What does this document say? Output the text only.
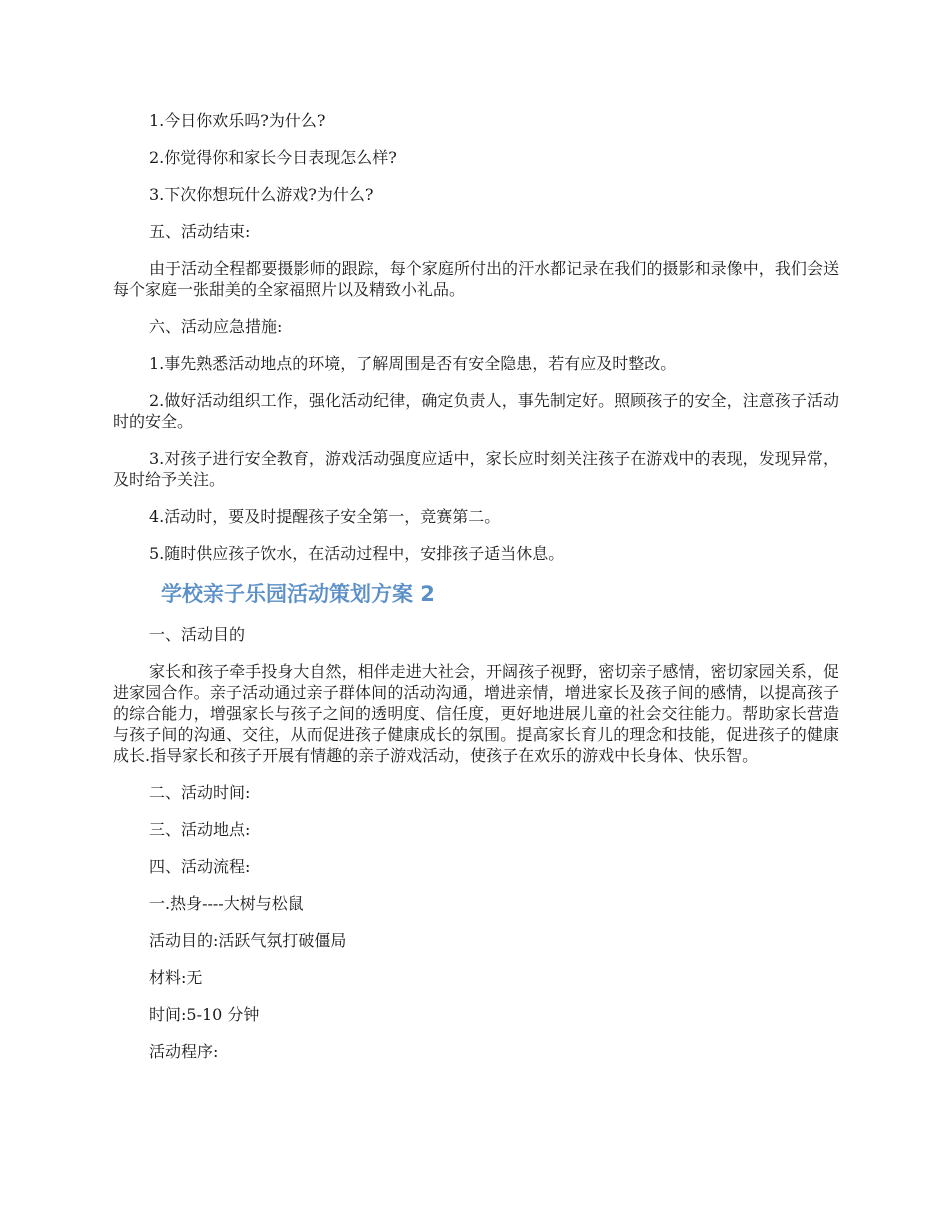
1.今日你欢乐吗?为什么?

2.你觉得你和家长今日表现怎么样?

3.下次你想玩什么游戏?为什么?

五、活动结束:

由于活动全程都要摄影师的跟踪，每个家庭所付出的汗水都记录在我们的摄影和录像中，我们会送每个家庭一张甜美的全家福照片以及精致小礼品。

六、活动应急措施:

1.事先熟悉活动地点的环境，了解周围是否有安全隐患，若有应及时整改。

2.做好活动组织工作，强化活动纪律，确定负责人，事先制定好。照顾孩子的安全，注意孩子活动时的安全。

3.对孩子进行安全教育，游戏活动强度应适中，家长应时刻关注孩子在游戏中的表现，发现异常，及时给予关注。

4.活动时，要及时提醒孩子安全第一，竞赛第二。

5.随时供应孩子饮水，在活动过程中，安排孩子适当休息。

学校亲子乐园活动策划方案 2

一、活动目的

家长和孩子牵手投身大自然，相伴走进大社会，开阔孩子视野，密切亲子感情，密切家园关系，促进家园合作。亲子活动通过亲子群体间的活动沟通，增进亲情，增进家长及孩子间的感情，以提高孩子的综合能力，增强家长与孩子之间的透明度、信任度，更好地进展儿童的社会交往能力。帮助家长营造与孩子间的沟通、交往，从而促进孩子健康成长的氛围。提高家长育儿的理念和技能，促进孩子的健康成长.指导家长和孩子开展有情趣的亲子游戏活动，使孩子在欢乐的游戏中长身体、快乐智。

二、活动时间:

三、活动地点:

四、活动流程:

一.热身----大树与松鼠

活动目的:活跃气氛打破僵局

材料:无

时间:5-10 分钟

活动程序:
